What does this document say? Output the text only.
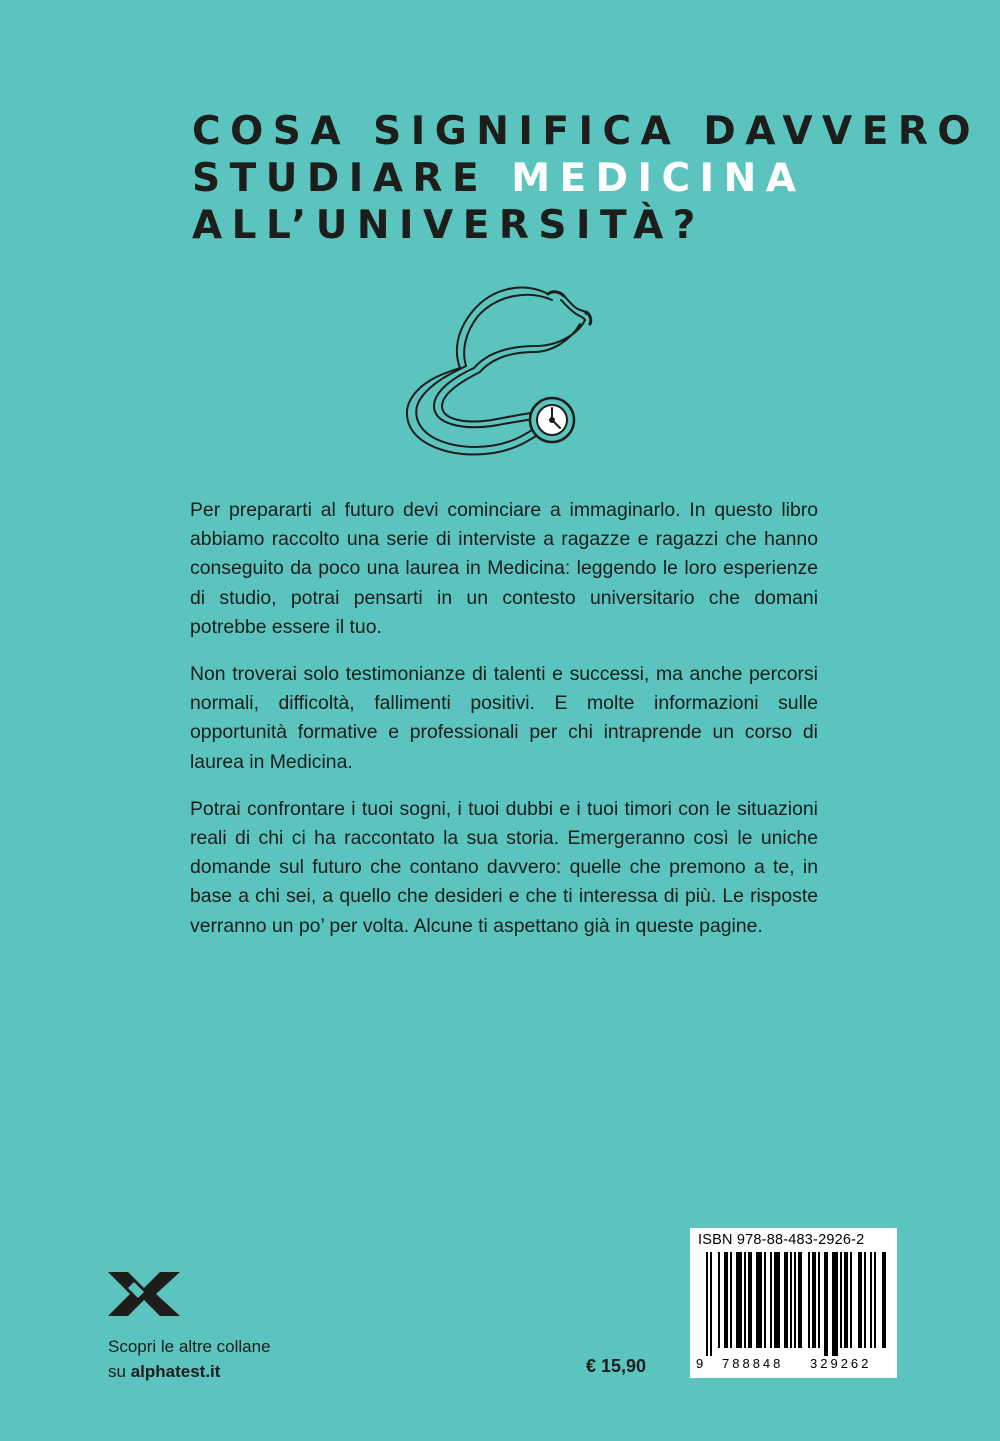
COSA SIGNIFICA DAVVERO
STUDIARE MEDICINA
ALL’UNIVERSITÀ?

Per prepararti al futuro devi cominciare a immaginarlo. In questo libro abbiamo raccolto una serie di interviste a ragazze e ragazzi che hanno conseguito da poco una laurea in Medicina: leggendo le loro esperienze di studio, potrai pensarti in un contesto universitario che domani potrebbe essere il tuo.

Non troverai solo testimonianze di talenti e successi, ma anche percorsi normali, difficoltà, fallimenti positivi. E molte informazioni sulle opportunità formative e professionali per chi intraprende un corso di laurea in Medicina.

Potrai confrontare i tuoi sogni, i tuoi dubbi e i tuoi timori con le situazioni reali di chi ci ha raccontato la sua storia. Emergeranno così le uniche domande sul futuro che contano davvero: quelle che premono a te, in base a chi sei, a quello che desideri e che ti interessa di più. Le risposte verranno un po’ per volta. Alcune ti aspettano già in queste pagine.

Scopri le altre collane
su alphatest.it	€ 15,90
ISBN 978-88-483-2926-2
9 788848 329262
